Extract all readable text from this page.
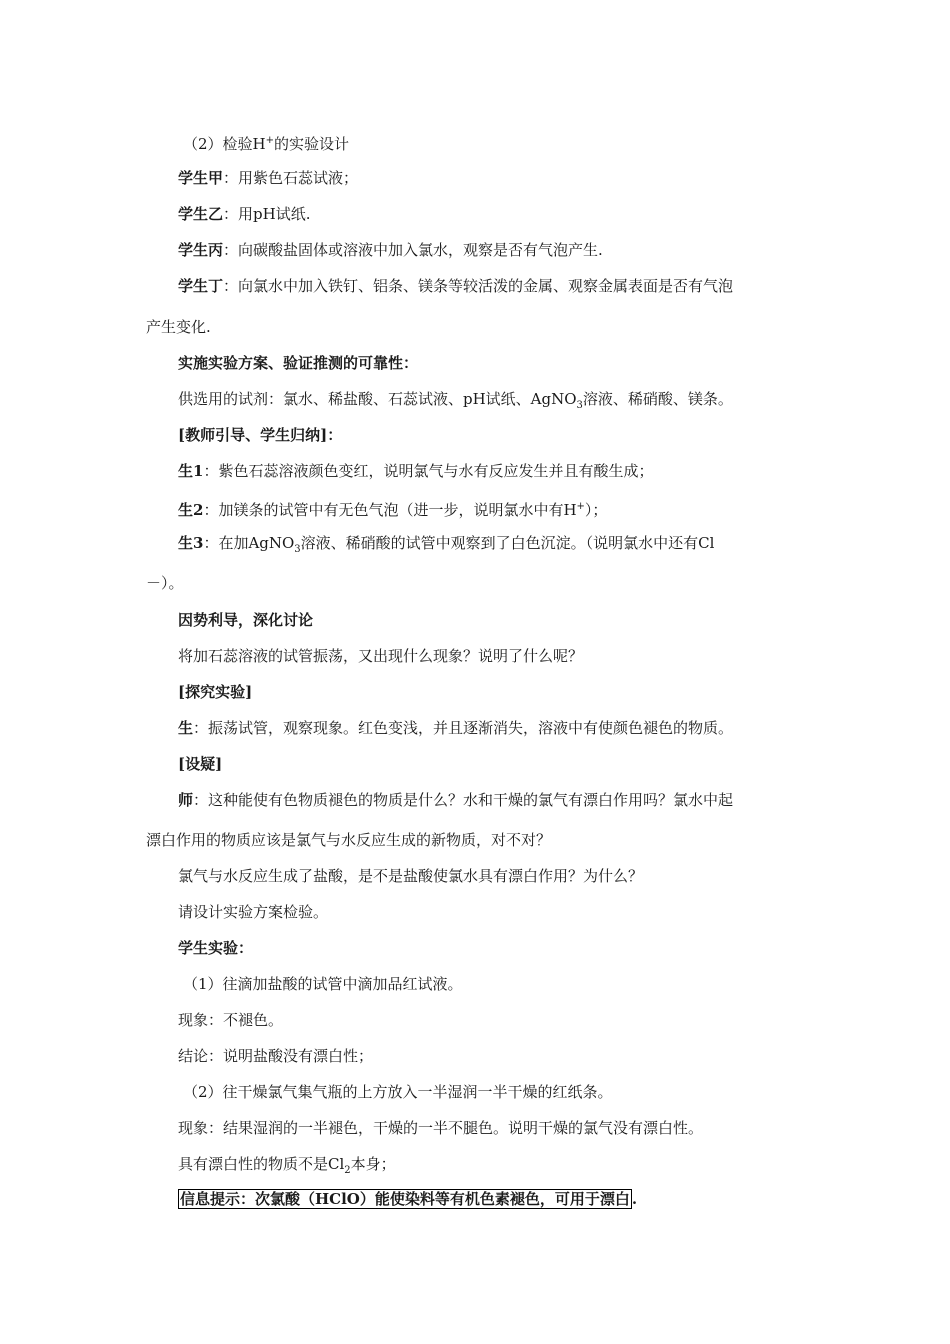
（2）检验H+的实验设计
学生甲：用紫色石蕊试液；
学生乙：用pH试纸.
学生丙：向碳酸盐固体或溶液中加入氯水，观察是否有气泡产生.
学生丁：向氯水中加入铁钉、铝条、镁条等较活泼的金属、观察金属表面是否有气泡
产生变化.
实施实验方案、验证推测的可靠性：
供选用的试剂：氯水、稀盐酸、石蕊试液、pH试纸、AgNO$_3$溶液、稀硝酸、镁条。
[教师引导、学生归纳]：
生1：紫色石蕊溶液颜色变红，说明氯气与水有反应发生并且有酸生成；
生2：加镁条的试管中有无色气泡（进一步，说明氯水中有H+）；
生3：在加AgNO$_3$溶液、稀硝酸的试管中观察到了白色沉淀。（说明氯水中还有Cl
－）。
因势利导，深化讨论
将加石蕊溶液的试管振荡，又出现什么现象？说明了什么呢？
[探究实验]
生：振荡试管，观察现象。红色变浅，并且逐渐消失，溶液中有使颜色褪色的物质。
[设疑]
师：这种能使有色物质褪色的物质是什么？水和干燥的氯气有漂白作用吗？氯水中起
漂白作用的物质应该是氯气与水反应生成的新物质，对不对？
氯气与水反应生成了盐酸，是不是盐酸使氯水具有漂白作用？为什么？
请设计实验方案检验。
学生实验：
（1）往滴加盐酸的试管中滴加品红试液。
现象：不褪色。
结论：说明盐酸没有漂白性；
（2）往干燥氯气集气瓶的上方放入一半湿润一半干燥的红纸条。
现象：结果湿润的一半褪色，干燥的一半不腿色。说明干燥的氯气没有漂白性。
具有漂白性的物质不是$Cl_2$本身；
信息提示：次氯酸（HClO）能使染料等有机色素褪色，可用于漂白 .
